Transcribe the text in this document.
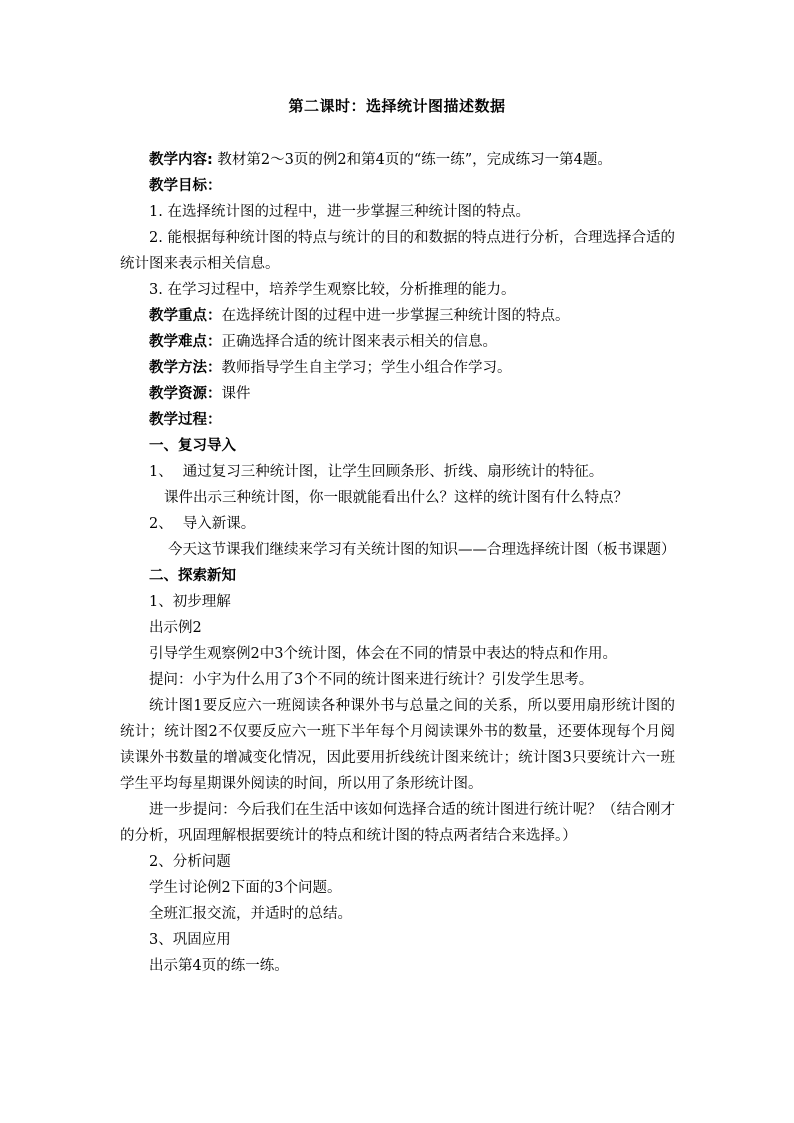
第二课时：选择统计图描述数据

教学内容: 教材第2～3页的例2和第4页的“练一练”，完成练习一第4题。

教学目标：

1. 在选择统计图的过程中，进一步掌握三种统计图的特点。

2. 能根据每种统计图的特点与统计的目的和数据的特点进行分析，合理选择合适的统计图来表示相关信息。

3. 在学习过程中，培养学生观察比较，分析推理的能力。

教学重点：在选择统计图的过程中进一步掌握三种统计图的特点。

教学难点：正确选择合适的统计图来表示相关的信息。

教学方法：教师指导学生自主学习；学生小组合作学习。

教学资源：课件

教学过程：

一、复习导入

1、 通过复习三种统计图，让学生回顾条形、折线、扇形统计的特征。

课件出示三种统计图，你一眼就能看出什么？这样的统计图有什么特点？

2、 导入新课。

今天这节课我们继续来学习有关统计图的知识——合理选择统计图（板书课题）

二、探索新知

1、初步理解

出示例2

引导学生观察例2中3个统计图，体会在不同的情景中表达的特点和作用。

提问：小宇为什么用了3个不同的统计图来进行统计？引发学生思考。

统计图1要反应六一班阅读各种课外书与总量之间的关系，所以要用扇形统计图的统计；统计图2不仅要反应六一班下半年每个月阅读课外书的数量，还要体现每个月阅读课外书数量的增减变化情况，因此要用折线统计图来统计；统计图3只要统计六一班学生平均每星期课外阅读的时间，所以用了条形统计图。

进一步提问：今后我们在生活中该如何选择合适的统计图进行统计呢？（结合刚才的分析，巩固理解根据要统计的特点和统计图的特点两者结合来选择。）

2、分析问题

学生讨论例2下面的3个问题。

全班汇报交流，并适时的总结。

3、巩固应用

出示第4页的练一练。
